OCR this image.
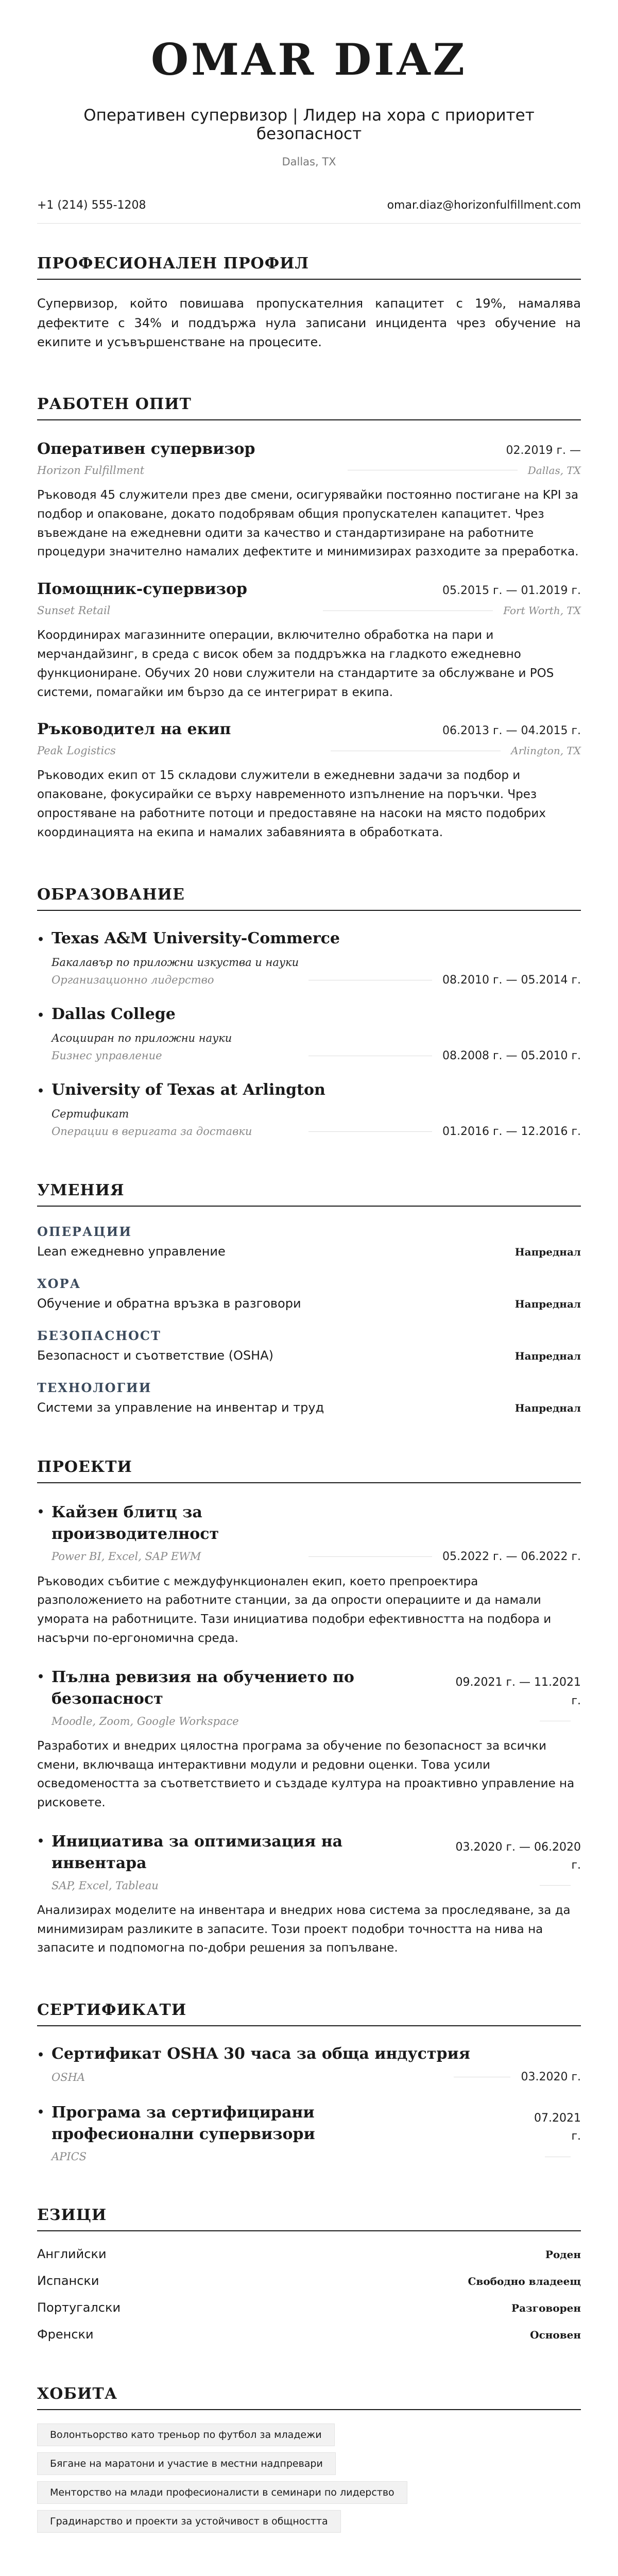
OMAR DIAZ
Оперативен супервизор | Лидер на хора с приоритет безопасност
Dallas, TX
+1 (214) 555-1208	omar.diaz@horizonfulfillment.com
ПРОФЕСИОНАЛЕН ПРОФИЛ
Супервизор, който повишава пропускателния капацитет с 19%, намалява дефектите с 34% и поддържа нула записани инцидента чрез обучение на екипите и усъвършенстване на процесите.
РАБОТЕН ОПИТ
Оперативен супервизор	02.2019 г. —
Horizon Fulfillment	Dallas, TX
Ръководя 45 служители през две смени, осигурявайки постоянно постигане на KPI за подбор и опаковане, докато подобрявам общия пропускателен капацитет. Чрез въвеждане на ежедневни одити за качество и стандартизиране на работните процедури значително намалих дефектите и минимизирах разходите за преработка.
Помощник-супервизор	05.2015 г. — 01.2019 г.
Sunset Retail	Fort Worth, TX
Координирах магазинните операции, включително обработка на пари и мерчандайзинг, в среда с висок обем за поддръжка на гладкото ежедневно функциониране. Обучих 20 нови служители на стандартите за обслужване и POS системи, помагайки им бързо да се интегрират в екипа.
Ръководител на екип	06.2013 г. — 04.2015 г.
Peak Logistics	Arlington, TX
Ръководих екип от 15 складови служители в ежедневни задачи за подбор и опаковане, фокусирайки се върху навременното изпълнение на поръчки. Чрез опростяване на работните потоци и предоставяне на насоки на място подобрих координацията на екипа и намалих забавянията в обработката.
ОБРАЗОВАНИЕ
• Texas A&M University-Commerce
Бакалавър по приложни изкуства и науки
Организационно лидерство	08.2010 г. — 05.2014 г.
• Dallas College
Асоцииран по приложни науки
Бизнес управление	08.2008 г. — 05.2010 г.
• University of Texas at Arlington
Сертификат
Операции в веригата за доставки	01.2016 г. — 12.2016 г.
УМЕНИЯ
ОПЕРАЦИИ
Lean ежедневно управление	Напреднал
ХОРА
Обучение и обратна връзка в разговори	Напреднал
БЕЗОПАСНОСТ
Безопасност и съответствие (OSHA)	Напреднал
ТЕХНОЛОГИИ
Системи за управление на инвентар и труд	Напреднал
ПРОЕКТИ
• Кайзен блитц за производителност
Power BI, Excel, SAP EWM	05.2022 г. — 06.2022 г.
Ръководих събитие с междуфункционален екип, което препроектира разположението на работните станции, за да опрости операциите и да намали умората на работниците. Тази инициатива подобри ефективността на подбора и насърчи по-ергономична среда.
• Пълна ревизия на обучението по безопасност
09.2021 г. — 11.2021 г.
Moodle, Zoom, Google Workspace
Разработих и внедрих цялостна програма за обучение по безопасност за всички смени, включваща интерактивни модули и редовни оценки. Това усили осведомеността за съответствието и създаде култура на проактивно управление на рисковете.
• Инициатива за оптимизация на инвентара
03.2020 г. — 06.2020 г.
SAP, Excel, Tableau
Анализирах моделите на инвентара и внедрих нова система за проследяване, за да минимизирам разликите в запасите. Този проект подобри точността на нива на запасите и подпомогна по-добри решения за попълване.
СЕРТИФИКАТИ
• Сертификат OSHA 30 часа за обща индустрия
OSHA	03.2020 г.
• Програма за сертифицирани професионални супервизори
07.2021 г.
APICS
ЕЗИЦИ
Английски	Роден
Испански	Свободно владеещ
Португалски	Разговорен
Френски	Основен
ХОБИТА
Волонтьорство като треньор по футбол за младежи
Бягане на маратони и участие в местни надпревари
Менторство на млади професионалисти в семинари по лидерство
Градинарство и проекти за устойчивост в общността
